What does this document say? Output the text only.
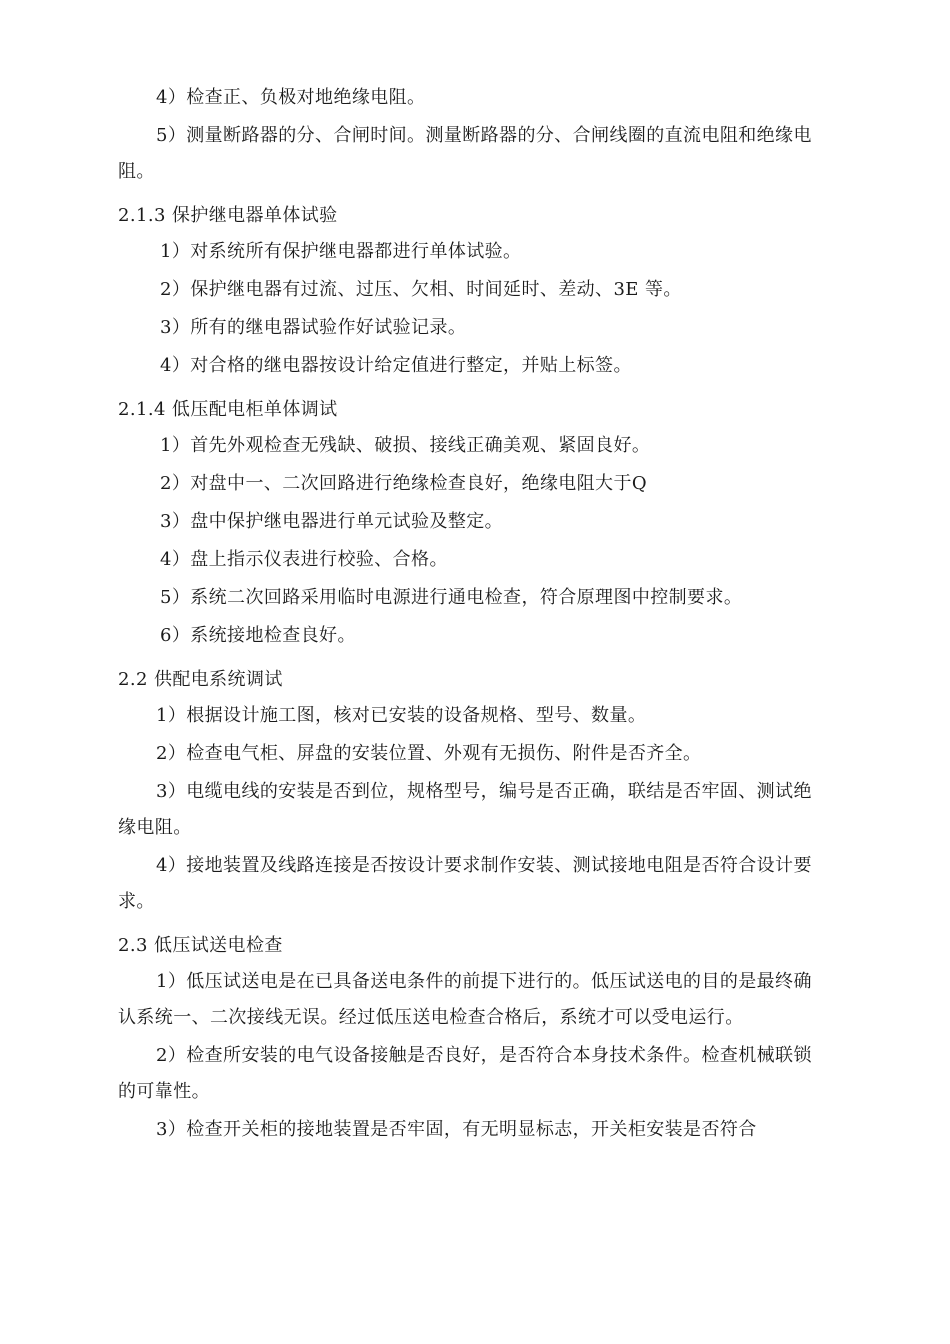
4）检查正、负极对地绝缘电阻。

5）测量断路器的分、合闸时间。测量断路器的分、合闸线圈的直流电阻和绝缘电阻。

2.1.3 保护继电器单体试验

1）对系统所有保护继电器都进行单体试验。

2）保护继电器有过流、过压、欠相、时间延时、差动、3E 等。

3）所有的继电器试验作好试验记录。

4）对合格的继电器按设计给定值进行整定，并贴上标签。

2.1.4 低压配电柜单体调试

1）首先外观检查无残缺、破损、接线正确美观、紧固良好。

2）对盘中一、二次回路进行绝缘检查良好，绝缘电阻大于Q

3）盘中保护继电器进行单元试验及整定。

4）盘上指示仪表进行校验、合格。

5）系统二次回路采用临时电源进行通电检查，符合原理图中控制要求。

6）系统接地检查良好。

2.2 供配电系统调试

1）根据设计施工图，核对已安装的设备规格、型号、数量。

2）检查电气柜、屏盘的安装位置、外观有无损伤、附件是否齐全。

3）电缆电线的安装是否到位，规格型号，编号是否正确，联结是否牢固、测试绝缘电阻。

4）接地装置及线路连接是否按设计要求制作安装、测试接地电阻是否符合设计要求。

2.3 低压试送电检查

1）低压试送电是在已具备送电条件的前提下进行的。低压试送电的目的是最终确认系统一、二次接线无误。经过低压送电检查合格后，系统才可以受电运行。

2）检查所安装的电气设备接触是否良好，是否符合本身技术条件。检查机械联锁的可靠性。

3）检查开关柜的接地装置是否牢固，有无明显标志，开关柜安装是否符合
